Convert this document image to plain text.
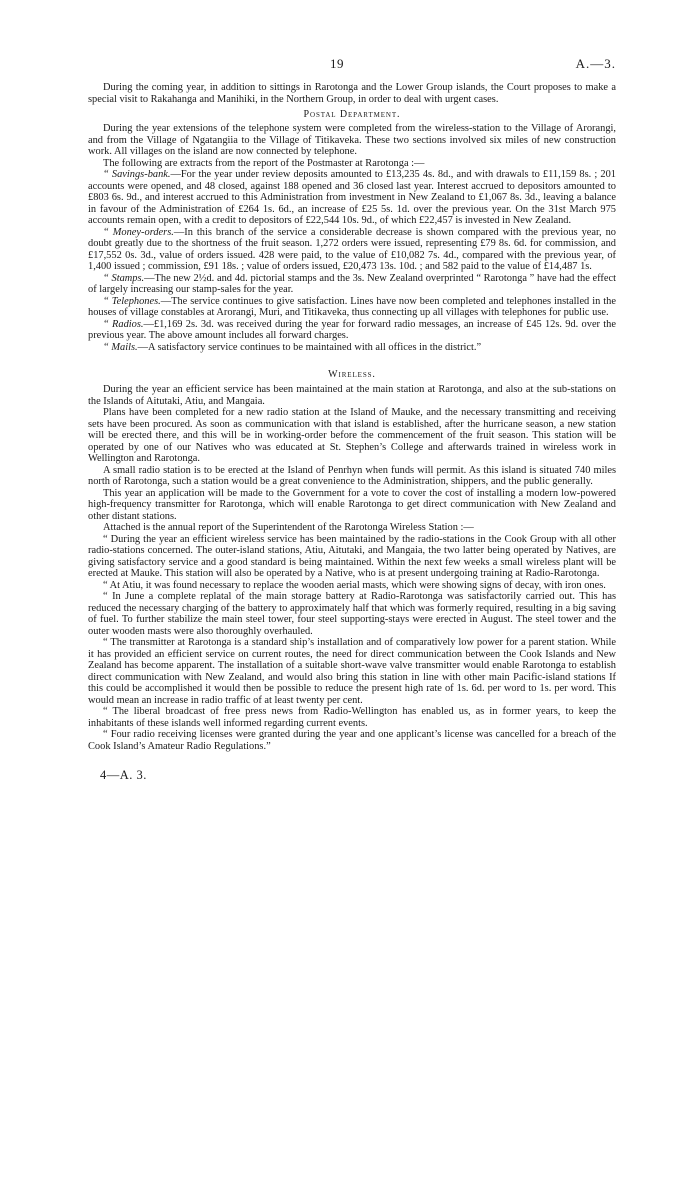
19	A.—3.

During the coming year, in addition to sittings in Rarotonga and the Lower Group islands, the Court proposes to make a special visit to Rakahanga and Manihiki, in the Northern Group, in order to deal with urgent cases.

Postal Department.

During the year extensions of the telephone system were completed from the wireless-station to the Village of Arorangi, and from the Village of Ngatangiia to the Village of Titikaveka. These two sections involved six miles of new construction work. All villages on the island are now connected by telephone.

The following are extracts from the report of the Postmaster at Rarotonga :—

“ Savings-bank.—For the year under review deposits amounted to £13,235 4s. 8d., and with drawals to £11,159 8s. ; 201 accounts were opened, and 48 closed, against 188 opened and 36 closed last year. Interest accrued to depositors amounted to £803 6s. 9d., and interest accrued to this Administration from investment in New Zealand to £1,067 8s. 3d., leaving a balance in favour of the Administration of £264 1s. 6d., an increase of £25 5s. 1d. over the previous year. On the 31st March 975 accounts remain open, with a credit to depositors of £22,544 10s. 9d., of which £22,457 is invested in New Zealand.

“ Money-orders.—In this branch of the service a considerable decrease is shown compared with the previous year, no doubt greatly due to the shortness of the fruit season. 1,272 orders were issued, representing £79 8s. 6d. for commission, and £17,552 0s. 3d., value of orders issued. 428 were paid, to the value of £10,082 7s. 4d., compared with the previous year, of 1,400 issued ; commission, £91 18s. ; value of orders issued, £20,473 13s. 10d. ; and 582 paid to the value of £14,487 1s.

“ Stamps.—The new 2½d. and 4d. pictorial stamps and the 3s. New Zealand overprinted “ Rarotonga ” have had the effect of largely increasing our stamp-sales for the year.

“ Telephones.—The service continues to give satisfaction. Lines have now been completed and telephones installed in the houses of village constables at Arorangi, Muri, and Titikaveka, thus connecting up all villages with telephones for public use.

“ Radios.—£1,169 2s. 3d. was received during the year for forward radio messages, an increase of £45 12s. 9d. over the previous year. The above amount includes all forward charges.

“ Mails.—A satisfactory service continues to be maintained with all offices in the district.”

Wireless.

During the year an efficient service has been maintained at the main station at Rarotonga, and also at the sub-stations on the Islands of Aitutaki, Atiu, and Mangaia.

Plans have been completed for a new radio station at the Island of Mauke, and the necessary transmitting and receiving sets have been procured. As soon as communication with that island is established, after the hurricane season, a new station will be erected there, and this will be in working-order before the commencement of the fruit season. This station will be operated by one of our Natives who was educated at St. Stephen’s College and afterwards trained in wireless work in Wellington and Rarotonga.

A small radio station is to be erected at the Island of Penrhyn when funds will permit. As this island is situated 740 miles north of Rarotonga, such a station would be a great convenience to the Administration, shippers, and the public generally.

This year an application will be made to the Government for a vote to cover the cost of installing a modern low-powered high-frequency transmitter for Rarotonga, which will enable Rarotonga to get direct communication with New Zealand and other distant stations.

Attached is the annual report of the Superintendent of the Rarotonga Wireless Station :—

“ During the year an efficient wireless service has been maintained by the radio-stations in the Cook Group with all other radio-stations concerned. The outer-island stations, Atiu, Aitutaki, and Mangaia, the two latter being operated by Natives, are giving satisfactory service and a good standard is being maintained. Within the next few weeks a small wireless plant will be erected at Mauke. This station will also be operated by a Native, who is at present undergoing training at Radio-Rarotonga.

“ At Atiu, it was found necessary to replace the wooden aerial masts, which were showing signs of decay, with iron ones.

“ In June a complete replatal of the main storage battery at Radio-Rarotonga was satisfactorily carried out. This has reduced the necessary charging of the battery to approximately half that which was formerly required, resulting in a big saving of fuel. To further stabilize the main steel tower, four steel supporting-stays were erected in August. The steel tower and the outer wooden masts were also thoroughly overhauled.

“ The transmitter at Rarotonga is a standard ship’s installation and of comparatively low power for a parent station. While it has provided an efficient service on current routes, the need for direct communication between the Cook Islands and New Zealand has become apparent. The installation of a suitable short-wave valve transmitter would enable Rarotonga to establish direct communication with New Zealand, and would also bring this station in line with other main Pacific-island stations If this could be accomplished it would then be possible to reduce the present high rate of 1s. 6d. per word to 1s. per word. This would mean an increase in radio traffic of at least twenty per cent.

“ The liberal broadcast of free press news from Radio-Wellington has enabled us, as in former years, to keep the inhabitants of these islands well informed regarding current events.

“ Four radio receiving licenses were granted during the year and one applicant’s license was cancelled for a breach of the Cook Island’s Amateur Radio Regulations.”

4—A. 3.
